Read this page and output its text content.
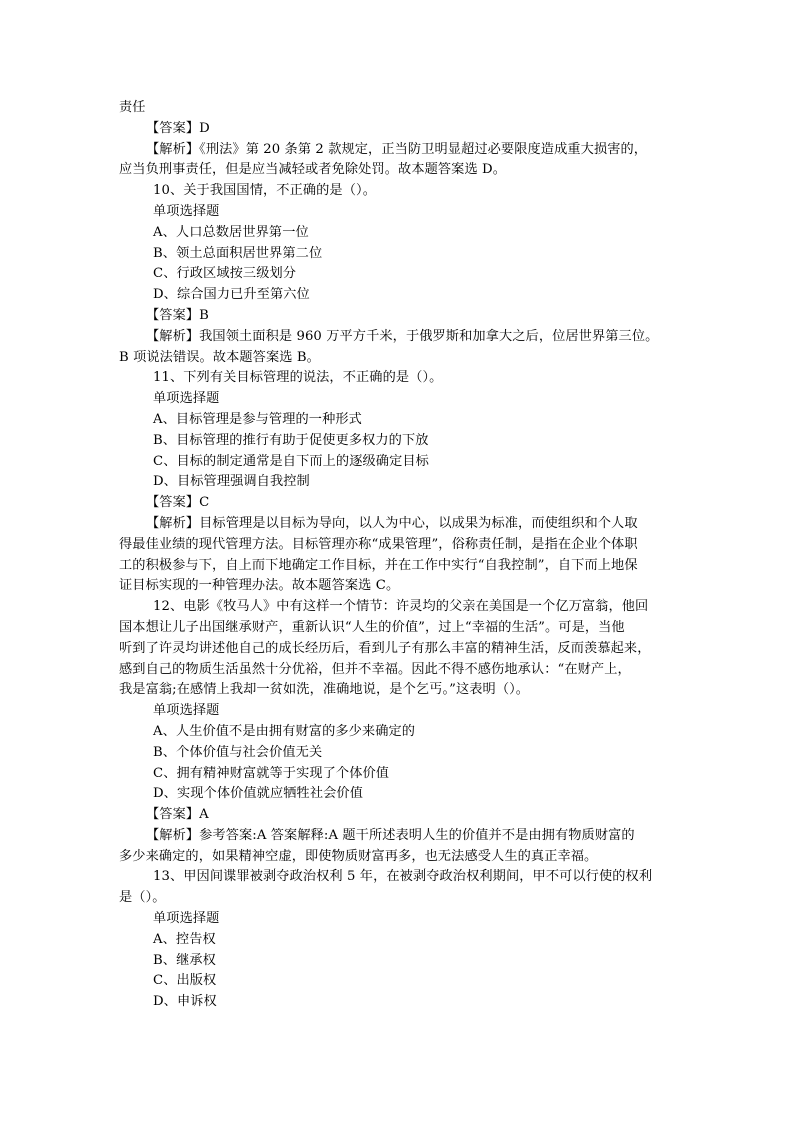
责任
【答案】D
【解析】《刑法》第 20 条第 2 款规定，正当防卫明显超过必要限度造成重大损害的，
应当负刑事责任，但是应当减轻或者免除处罚。故本题答案选 D。
10、关于我国国情，不正确的是（）。
单项选择题
A、人口总数居世界第一位
B、领土总面积居世界第二位
C、行政区域按三级划分
D、综合国力已升至第六位
【答案】B
【解析】我国领土面积是 960 万平方千米，于俄罗斯和加拿大之后，位居世界第三位。
B 项说法错误。故本题答案选 B。
11、下列有关目标管理的说法，不正确的是（）。
单项选择题
A、目标管理是参与管理的一种形式
B、目标管理的推行有助于促使更多权力的下放
C、目标的制定通常是自下而上的逐级确定目标
D、目标管理强调自我控制
【答案】C
【解析】目标管理是以目标为导向，以人为中心，以成果为标准，而使组织和个人取
得最佳业绩的现代管理方法。目标管理亦称“成果管理”，俗称责任制，是指在企业个体职
工的积极参与下，自上而下地确定工作目标，并在工作中实行“自我控制”，自下而上地保
证目标实现的一种管理办法。故本题答案选 C。
12、电影《牧马人》中有这样一个情节：许灵均的父亲在美国是一个亿万富翁，他回
国本想让儿子出国继承财产，重新认识“人生的价值”，过上“幸福的生活”。可是，当他
听到了许灵均讲述他自己的成长经历后，看到儿子有那么丰富的精神生活，反而羡慕起来，
感到自己的物质生活虽然十分优裕，但并不幸福。因此不得不感伤地承认：“在财产上，
我是富翁;在感情上我却一贫如洗，准确地说，是个乞丐。”这表明（）。
单项选择题
A、人生价值不是由拥有财富的多少来确定的
B、个体价值与社会价值无关
C、拥有精神财富就等于实现了个体价值
D、实现个体价值就应牺牲社会价值
【答案】A
【解析】参考答案:A 答案解释:A 题干所述表明人生的价值并不是由拥有物质财富的
多少来确定的，如果精神空虚，即使物质财富再多，也无法感受人生的真正幸福。
13、甲因间谍罪被剥夺政治权利 5 年，在被剥夺政治权利期间，甲不可以行使的权利
是（）。
单项选择题
A、控告权
B、继承权
C、出版权
D、申诉权
